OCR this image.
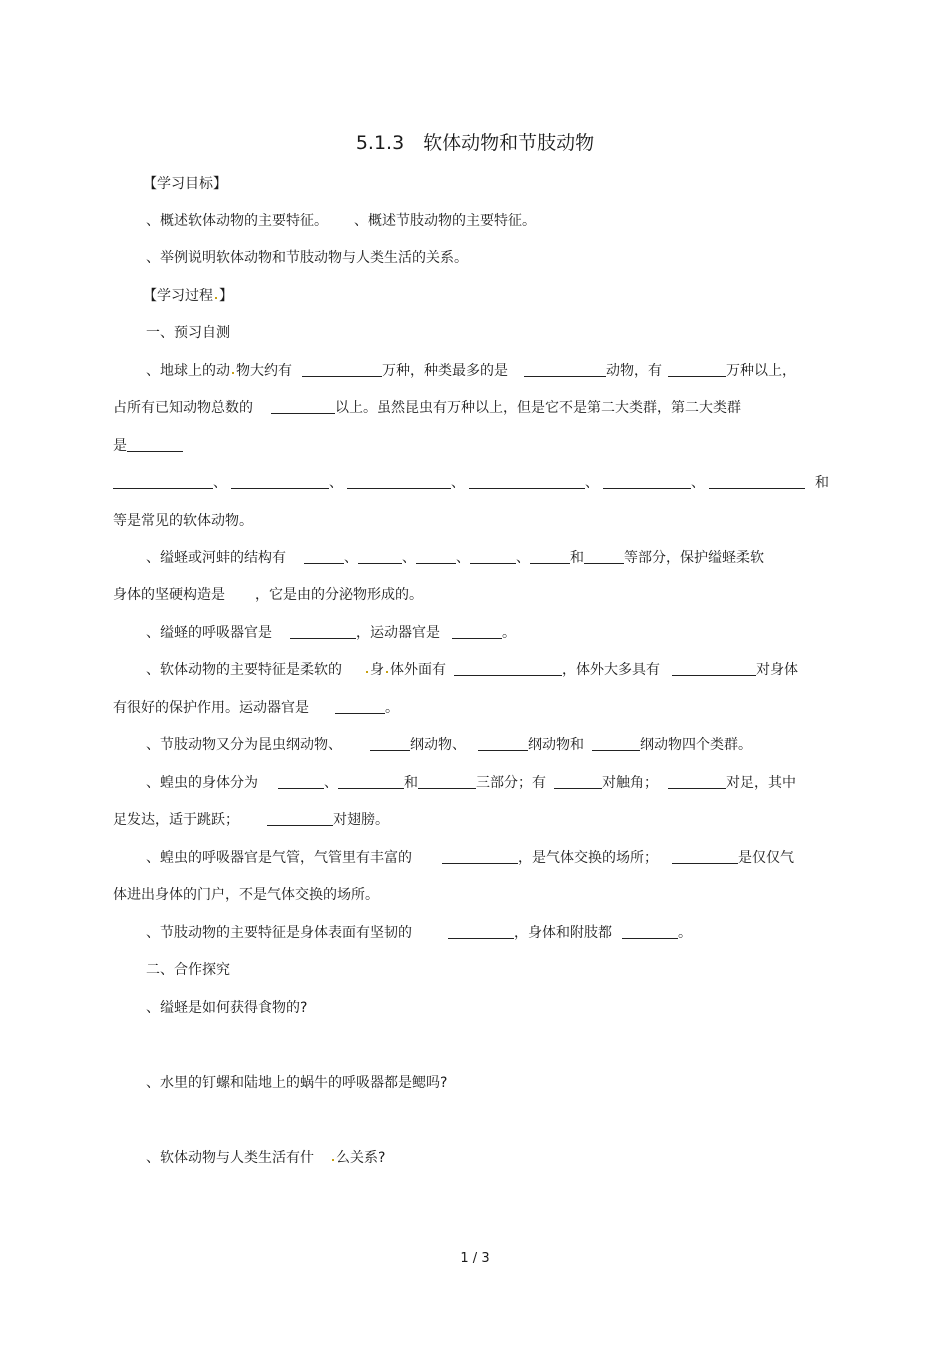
5.1.3　软体动物和节肢动物
【学习目标】
、概述软体动物的主要特征。 、概述节肢动物的主要特征。
、举例说明软体动物和节肢动物与人类生活的关系。
【学习过程 】
一、预习自测
、地球上的动 物大约有	万种，种类最多的是	动物，有	万种以上，
占所有已知动物总数的	以上。虽然昆虫有万种以上，但是它不是第二大类群，第二大类群
是
、	、	、	、	、	和
等是常见的软体动物。
、缢蛏或河蚌的结构有	、	、	、	、	和	等部分，保护缢蛏柔软
身体的坚硬构造是 ，它是由的分泌物形成的。
、缢蛏的呼吸器官是	，运动器官是	。
、软体动物的主要特征是柔软的 身 体外面有	，体外大多具有	对身体
有很好的保护作用。运动器官是	。
、节肢动物又分为昆虫纲动物、	纲动物、	纲动物和	纲动物四个类群。
、蝗虫的身体分为	、	和	三部分；有	对触角；	对足，其中
足发达，适于跳跃；	对翅膀。
、蝗虫的呼吸器官是气管，气管里有丰富的	，是气体交换的场所；	是仅仅气
体进出身体的门户，不是气体交换的场所。
、节肢动物的主要特征是身体表面有坚韧的	，身体和附肢都	。
二、合作探究
、缢蛏是如何获得食物的?
、水里的钉螺和陆地上的蜗牛的呼吸器都是鳃吗?
、软体动物与人类生活有什 么关系?
1 / 3
